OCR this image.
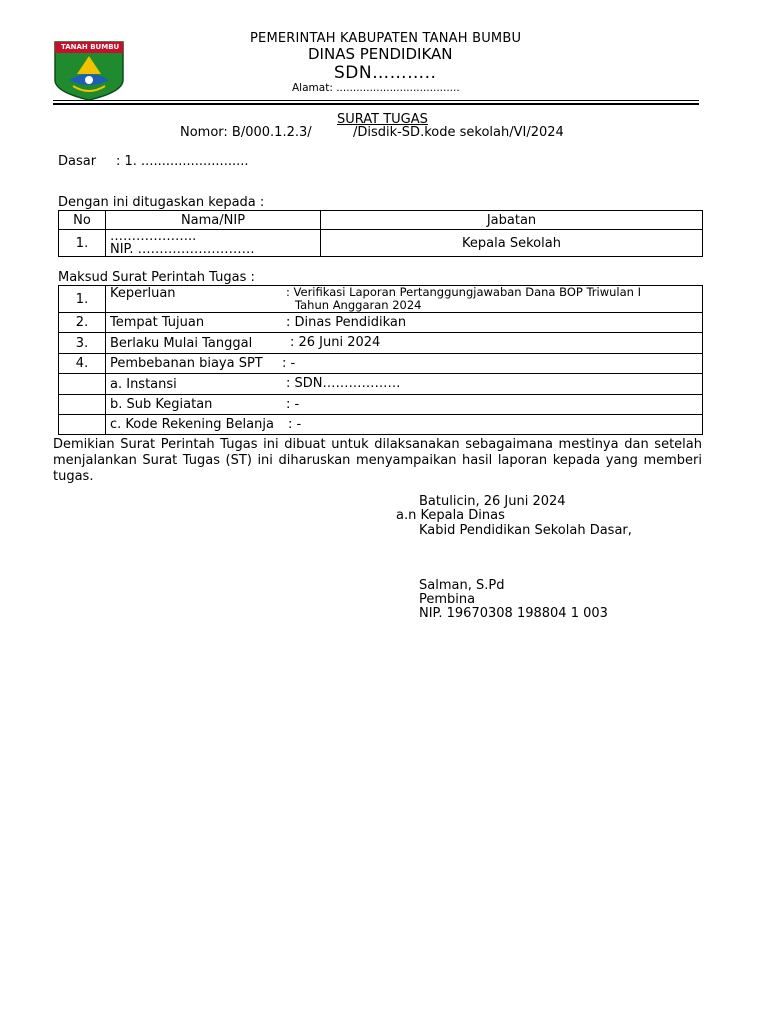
TANAH BUMBU
PEMERINTAH KABUPATEN TANAH BUMBU
DINAS PENDIDIKAN
SDN………..
Alamat: .....................................
SURAT TUGAS
Nomor: B/000.1.2.3/          /Disdik-SD.kode sekolah/VI/2024
Dasar : 1. ..........................
Dengan ini ditugaskan kepada :
No	Nama/NIP	Jabatan
1.	………………..
NIP. ………………………	Kepala Sekolah
Maksud Surat Perintah Tugas :
1.	Keperluan : Verifikasi Laporan Pertanggungjawaban Dana BOP Triwulan I
Tahun Anggaran 2024

2.	Tempat Tujuan : Dinas Pendidikan

3.	Berlaku Mulai Tanggal : 26 Juni 2024

4.	Pembebanan biaya SPT : -

	a. Instansi : SDN………………

	b. Sub Kegiatan : -

	c. Kode Rekening Belanja : -
Demikian Surat Perintah Tugas ini dibuat untuk dilaksanakan sebagaimana mestinya dan setelah menjalankan Surat Tugas (ST) ini diharuskan menyampaikan hasil laporan kepada yang memberi tugas.
Batulicin, 26 Juni 2024
a.n Kepala Dinas
Kabid Pendidikan Sekolah Dasar,
Salman, S.Pd
Pembina
NIP. 19670308 198804 1 003
